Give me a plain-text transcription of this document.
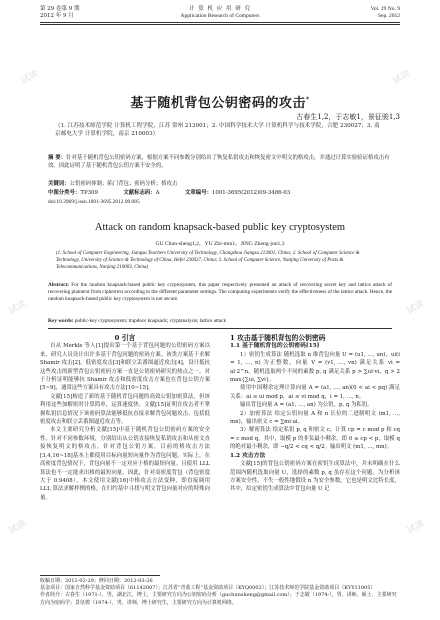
第 29 卷第 9 期
2012 年 9 月
计 算 机 应 用 研 究
Application Research of Computers
Vol. 29 No. 9
Sep. 2012
基于随机背包公钥密码的攻击*
古春生1,2，于志敏1，景征骏1,3
（1. 江苏技术师范学院 计算机工程学院，江苏 常州 213001；2. 中国科学技术大学 计算机科学与技术学院，合肥 230027；3. 南京邮电大学 计算机学院，南京 210003）
摘 要：针对基于随机背包公钥密码方案，根据方案不同参数分别给出了恢复私钥攻击和恢复密文中明文的格攻击，并通过计算实验验证格攻击有效。因此证明了基于随机背包公钥方案不安全的。
关键词：公钥密码体制；陷门背包；密码分析；格攻击
中图分类号：TP309	文献标志码：A	文章编号：1001-3695(2012)09-3486-03
doi:10.3969/j.issn.1001-3695.2012.09.085
Attack on random knapsack-based public key cryptosystem
GU Chun-sheng1,2，YU Zhi-min1，JING Zheng-jun1,3
(1. School of Computer Engineering, Jiangsu Teachers University of Technology, Changzhou Jiangsu 213001, China; 2. School of Computer Science & Technology, University of Science & Technology of China, Hefei 230027, China; 3. School of Computer Science, Nanjing University of Posts & Telecommunications, Nanjing 210003, China)
Abstract: For the random knapsack-based public key cryptosystem, this paper respectively presented an attack of recovering secret key and lattice attack of recovering plaintext from ciphertext according to the different parameter settings. The computing experiments verify the effectiveness of the lattice attack. Hence, the random knapsack-based public key cryptosystem is not secure.
Key words: public-key cryptosystem; trapdoor knapsack; cryptanalysis; lattice attack

0 引言

自从 Merkle 等人[1]提出第一个基于背包问题的公钥密码方案以来，研究人员设计出许多基于背包问题的密码方案。该类方案基于求解 Shamir 攻击[2]，低密度攻击[3]和联立丢番图逼近攻击[4]，设计抵抗这些攻击的新型背包公钥密码方案一直是公钥密码研究的热点之一。对于分析证明能够抗 Shamir 攻击和低密度攻击方案也在背包公钥方案[5~9]，通常这些方案具有攻击方法[10~15]。

文献[15]构造了新的基于随机背包问题的高效公钥加密算法，但该利用这些加解密时计算简单，运算速度快。文献[15]证明在攻击者不掌握私钥信息情况下该密码算法能够抵抗直接求解背包问题攻击、包括低密度攻击和联立丢番图逼近攻击等。

本文主要研究分析文献[15]中基于随机背包公钥密码方案的安全性。针对不同参数环境，分别给出从公钥直接恢复私钥攻击和从密文直接恢复明文的格攻击。针对背包公钥方案，目前的格攻击方法[3,4,16~18]基本上都使用目标向量短向量作为背包问题。实际上，在高密度背包情况下，背包向量不一定对应于格的最短向量。且使用 LLL 算法也不一定能求出格的最短向量。因此，针对高密度背包（背包密度大于 0.9408），本文使用文献[16]中格攻击方法变种，即直接调用 LLL 算法求解样例的格，在归约基中寻找与明文背包向量对应的特殊向量。

1 攻击基于随机背包的公钥密码

1.1 基于随机背包的公钥密码[15]

1）密钥生成算法 随机选取 n 维背包向量 U = (u1, …, un)，ui(i = 1, …, n) 为正整数，向量 V = (v1, …, vn) 满足关系 vi = ai·2^n。随机选取两个不同的素数 p, q 满足关系 p > ∑ui·vi，q > 2 max{∑ui, ∑vi}。

使用中国剩余定理计算向量 A = (a1, …, an)(0 < ai < pq) 满足关系：ai ≡ ui mod p，ai ≡ vi mod q，i = 1, …, n。

输出背包向量 A = (a1, …, an) 为公钥，p, q 为私钥。

2）加密算法 给定公钥向量 A 和 n 长位的二进制明文 (m1, …, mn)，输出密文 c = ∑mi·ai。

3）解密算法 给定私钥 p, q 和密文 c，计算 cp = c mod p 和 cq = c mod q。其中，取模 p 的非负最小剩余，即 0 ≤ cp < p，取模 q 的绝对最小剩余，即 −q/2 < cq < q/2。输出明文 (m1, …, mn)。

1.2 攻击方法

文献[15]的背包公钥密码方案在密钥生成算法中，并未明确在什么范围内随机选取向量 U，选择的素数 p, q 虽存在这个问题。为分析该方案安全性，不失一般性地假设 n 为安全参数，它也是明文比特长度，其中，给定密钥生成算法中背包向量 U 记

收稿日期：2012-02-29；修回日期：2012-03-26
基金项目：国家自然科学基金资助项目（61142007）；江苏省“青蓝工程”基金资助项目（KYQ0002）；江苏技术师范学院基金资助项目（KYY11005）
作者简介：古春生（1971-），男，湖北江，博士，主要研究方向为公钥密码分析（guchunsheng@gmail.com）；于志敏（1974-），男，讲师，硕士，主要研究方向为密码学；景征骏（1974-），男，讲师，博士研究生，主要研究方向为计算机网络。
试读	试读
试读	试读
试读	试读
